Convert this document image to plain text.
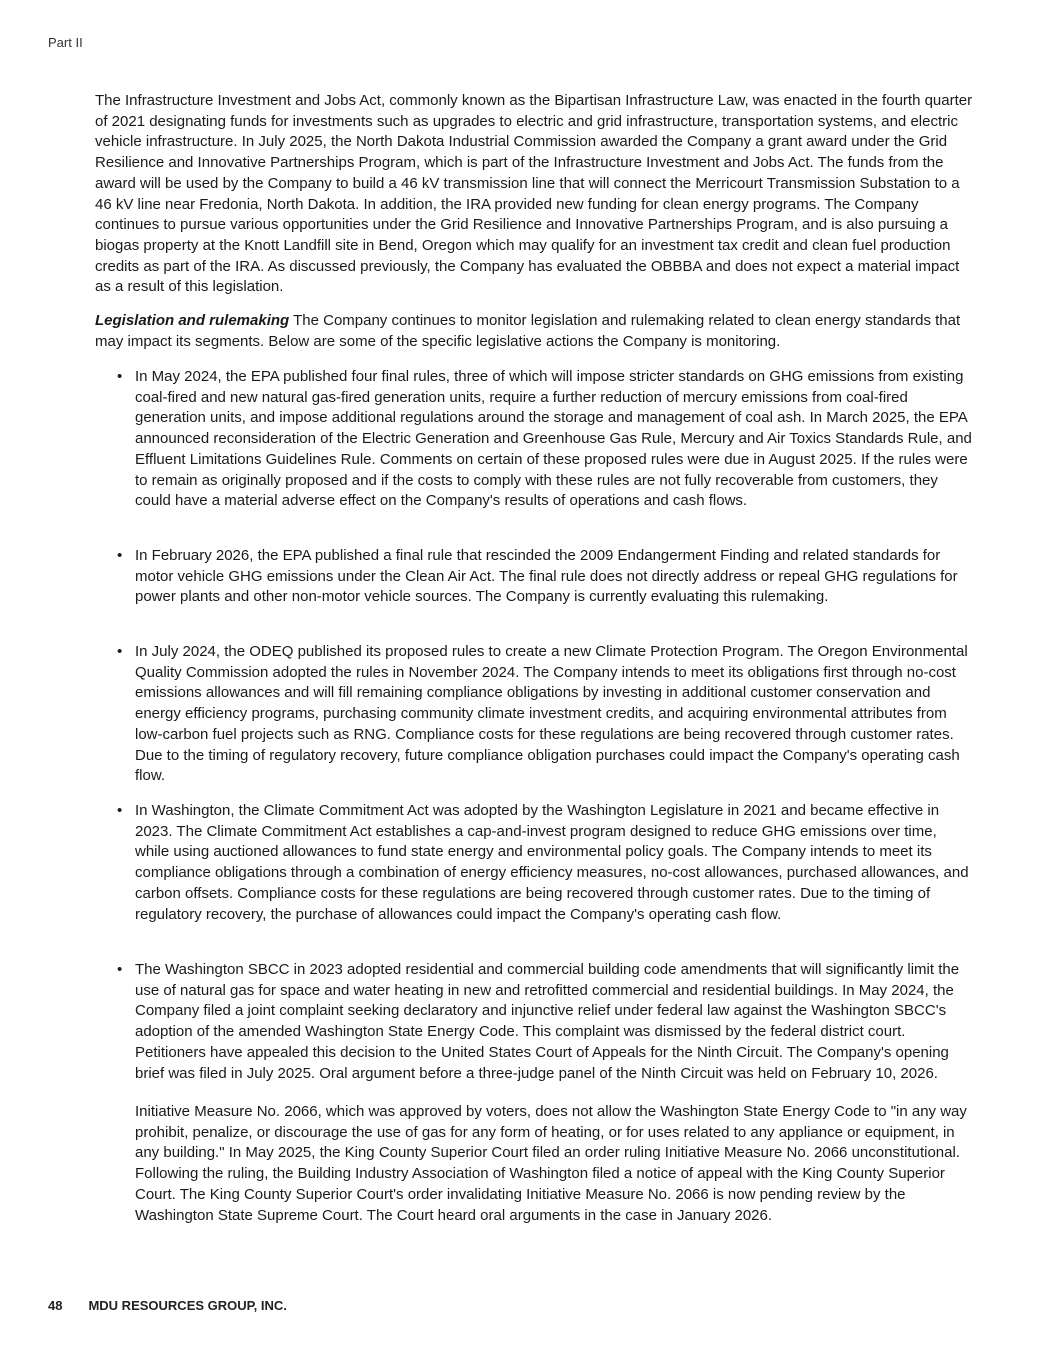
Part II

The Infrastructure Investment and Jobs Act, commonly known as the Bipartisan Infrastructure Law, was enacted in the fourth quarter of 2021 designating funds for investments such as upgrades to electric and grid infrastructure, transportation systems, and electric vehicle infrastructure. In July 2025, the North Dakota Industrial Commission awarded the Company a grant award under the Grid Resilience and Innovative Partnerships Program, which is part of the Infrastructure Investment and Jobs Act. The funds from the award will be used by the Company to build a 46 kV transmission line that will connect the Merricourt Transmission Substation to a 46 kV line near Fredonia, North Dakota. In addition, the IRA provided new funding for clean energy programs. The Company continues to pursue various opportunities under the Grid Resilience and Innovative Partnerships Program, and is also pursuing a biogas property at the Knott Landfill site in Bend, Oregon which may qualify for an investment tax credit and clean fuel production credits as part of the IRA. As discussed previously, the Company has evaluated the OBBBA and does not expect a material impact as a result of this legislation.

Legislation and rulemaking The Company continues to monitor legislation and rulemaking related to clean energy standards that may impact its segments. Below are some of the specific legislative actions the Company is monitoring.

• In May 2024, the EPA published four final rules, three of which will impose stricter standards on GHG emissions from existing coal-fired and new natural gas-fired generation units, require a further reduction of mercury emissions from coal-fired generation units, and impose additional regulations around the storage and management of coal ash. In March 2025, the EPA announced reconsideration of the Electric Generation and Greenhouse Gas Rule, Mercury and Air Toxics Standards Rule, and Effluent Limitations Guidelines Rule. Comments on certain of these proposed rules were due in August 2025. If the rules were to remain as originally proposed and if the costs to comply with these rules are not fully recoverable from customers, they could have a material adverse effect on the Company's results of operations and cash flows.
• In February 2026, the EPA published a final rule that rescinded the 2009 Endangerment Finding and related standards for motor vehicle GHG emissions under the Clean Air Act. The final rule does not directly address or repeal GHG regulations for power plants and other non-motor vehicle sources. The Company is currently evaluating this rulemaking.
• In July 2024, the ODEQ published its proposed rules to create a new Climate Protection Program. The Oregon Environmental Quality Commission adopted the rules in November 2024. The Company intends to meet its obligations first through no-cost emissions allowances and will fill remaining compliance obligations by investing in additional customer conservation and energy efficiency programs, purchasing community climate investment credits, and acquiring environmental attributes from low-carbon fuel projects such as RNG. Compliance costs for these regulations are being recovered through customer rates. Due to the timing of regulatory recovery, future compliance obligation purchases could impact the Company's operating cash flow.
• In Washington, the Climate Commitment Act was adopted by the Washington Legislature in 2021 and became effective in 2023. The Climate Commitment Act establishes a cap-and-invest program designed to reduce GHG emissions over time, while using auctioned allowances to fund state energy and environmental policy goals. The Company intends to meet its compliance obligations through a combination of energy efficiency measures, no-cost allowances, purchased allowances, and carbon offsets. Compliance costs for these regulations are being recovered through customer rates. Due to the timing of regulatory recovery, the purchase of allowances could impact the Company's operating cash flow.
• The Washington SBCC in 2023 adopted residential and commercial building code amendments that will significantly limit the use of natural gas for space and water heating in new and retrofitted commercial and residential buildings. In May 2024, the Company filed a joint complaint seeking declaratory and injunctive relief under federal law against the Washington SBCC's adoption of the amended Washington State Energy Code. This complaint was dismissed by the federal district court. Petitioners have appealed this decision to the United States Court of Appeals for the Ninth Circuit. The Company's opening brief was filed in July 2025. Oral argument before a three-judge panel of the Ninth Circuit was held on February 10, 2026.
Initiative Measure No. 2066, which was approved by voters, does not allow the Washington State Energy Code to "in any way prohibit, penalize, or discourage the use of gas for any form of heating, or for uses related to any appliance or equipment, in any building." In May 2025, the King County Superior Court filed an order ruling Initiative Measure No. 2066 unconstitutional. Following the ruling, the Building Industry Association of Washington filed a notice of appeal with the King County Superior Court. The King County Superior Court's order invalidating Initiative Measure No. 2066 is now pending review by the Washington State Supreme Court. The Court heard oral arguments in the case in January 2026.
48 MDU RESOURCES GROUP, INC.
